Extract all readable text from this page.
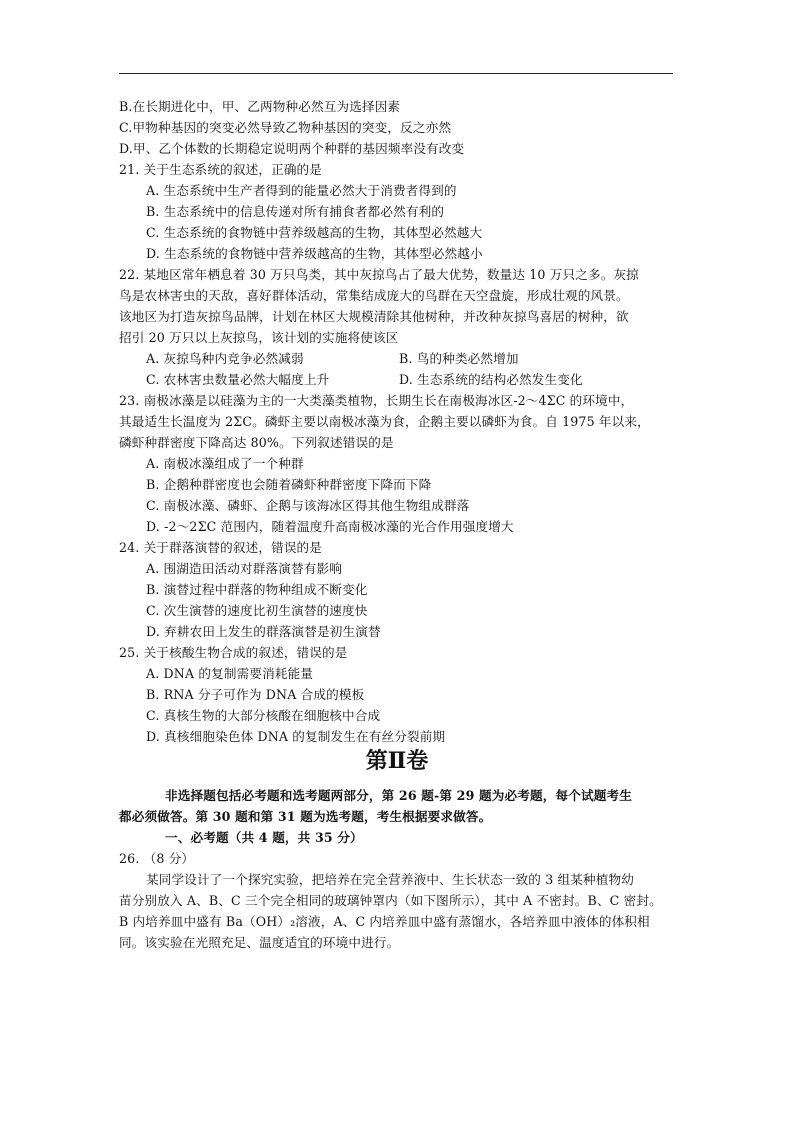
B.在长期进化中，甲、乙两物种必然互为选择因素
C.甲物种基因的突变必然导致乙物种基因的突变，反之亦然
D.甲、乙个体数的长期稳定说明两个种群的基因频率没有改变
21. 关于生态系统的叙述，正确的是
A. 生态系统中生产者得到的能量必然大于消费者得到的
B. 生态系统中的信息传递对所有捕食者都必然有利的
C. 生态系统的食物链中营养级越高的生物，其体型必然越大
D. 生态系统的食物链中营养级越高的生物，其体型必然越小
22. 某地区常年栖息着 30 万只鸟类，其中灰掠鸟占了最大优势，数量达 10 万只之多。灰掠
鸟是农林害虫的天敌，喜好群体活动，常集结成庞大的鸟群在天空盘旋，形成壮观的风景。
该地区为打造灰掠鸟品牌，计划在林区大规模清除其他树种，并改种灰掠鸟喜居的树种，欲
招引 20 万只以上灰掠鸟，该计划的实施将使该区
A. 灰掠鸟种内竞争必然减弱	B. 鸟的种类必然增加
C. 农林害虫数量必然大幅度上升	D. 生态系统的结构必然发生变化
23. 南极冰藻是以硅藻为主的一大类藻类植物，长期生长在南极海冰区-2～4ΣC 的环境中，
其最适生长温度为 2ΣC。磷虾主要以南极冰藻为食，企鹅主要以磷虾为食。自 1975 年以来，
磷虾种群密度下降高达 80%。下列叙述错误的是
A. 南极冰藻组成了一个种群
B. 企鹅种群密度也会随着磷虾种群密度下降而下降
C. 南极冰藻、磷虾、企鹅与该海冰区得其他生物组成群落
D. -2～2ΣC 范围内，随着温度升高南极冰藻的光合作用强度增大
24. 关于群落演替的叙述，错误的是
A. 围湖造田活动对群落演替有影响
B. 演替过程中群落的物种组成不断变化
C. 次生演替的速度比初生演替的速度快
D. 弃耕农田上发生的群落演替是初生演替
25. 关于核酸生物合成的叙述，错误的是
A. DNA 的复制需要消耗能量
B. RNA 分子可作为 DNA 合成的模板
C. 真核生物的大部分核酸在细胞核中合成
D. 真核细胞染色体 DNA 的复制发生在有丝分裂前期
第Ⅱ卷
非选择题包括必考题和选考题两部分，第 26 题-第 29 题为必考题，每个试题考生
都必须做答。第 30 题和第 31 题为选考题，考生根据要求做答。
一、必考题（共 4 题，共 35 分）
26. （8 分）
某同学设计了一个探究实验，把培养在完全营养液中、生长状态一致的 3 组某种植物幼
苗分别放入 A、B、C 三个完全相同的玻璃钟罩内（如下图所示），其中 A 不密封。B、C 密封。
B 内培养皿中盛有 Ba（OH）₂溶液，A、C 内培养皿中盛有蒸馏水，各培养皿中液体的体积相
同。该实验在光照充足、温度适宜的环境中进行。
